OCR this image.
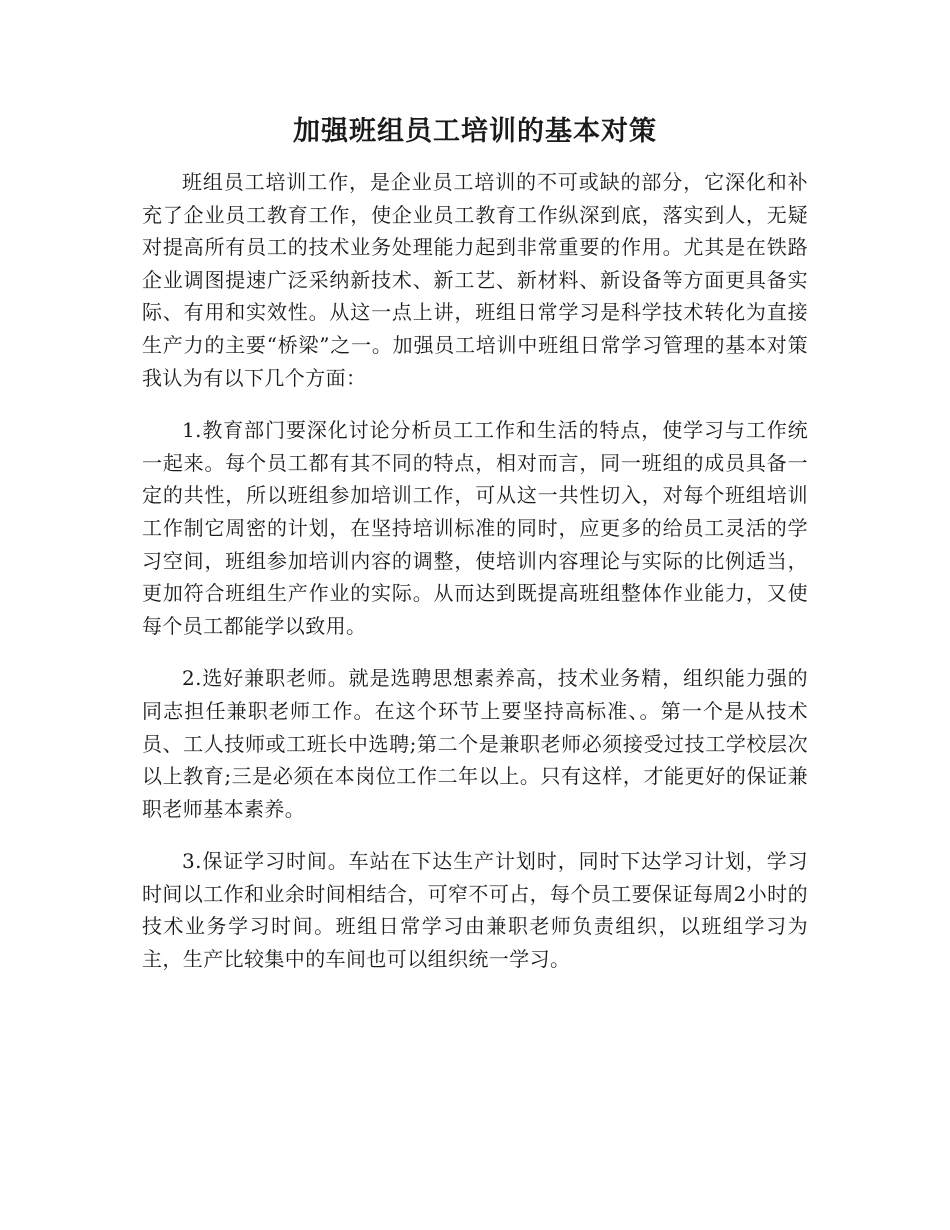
加强班组员工培训的基本对策

班组员工培训工作，是企业员工培训的不可或缺的部分，它深化和补充了企业员工教育工作，使企业员工教育工作纵深到底，落实到人，无疑对提高所有员工的技术业务处理能力起到非常重要的作用。尤其是在铁路企业调图提速广泛采纳新技术、新工艺、新材料、新设备等方面更具备实际、有用和实效性。从这一点上讲，班组日常学习是科学技术转化为直接生产力的主要“桥梁”之一。加强员工培训中班组日常学习管理的基本对策我认为有以下几个方面：

1.教育部门要深化讨论分析员工工作和生活的特点，使学习与工作统一起来。每个员工都有其不同的特点，相对而言，同一班组的成员具备一定的共性，所以班组参加培训工作，可从这一共性切入，对每个班组培训工作制它周密的计划，在坚持培训标准的同时，应更多的给员工灵活的学习空间，班组参加培训内容的调整，使培训内容理论与实际的比例适当，更加符合班组生产作业的实际。从而达到既提高班组整体作业能力，又使每个员工都能学以致用。

2.选好兼职老师。就是选聘思想素养高，技术业务精，组织能力强的同志担任兼职老师工作。在这个环节上要坚持高标准、。第一个是从技术员、工人技师或工班长中选聘;第二个是兼职老师必须接受过技工学校层次以上教育;三是必须在本岗位工作二年以上。只有这样，才能更好的保证兼职老师基本素养。

3.保证学习时间。车站在下达生产计划时，同时下达学习计划，学习时间以工作和业余时间相结合，可窄不可占，每个员工要保证每周2小时的技术业务学习时间。班组日常学习由兼职老师负责组织，以班组学习为主，生产比较集中的车间也可以组织统一学习。
